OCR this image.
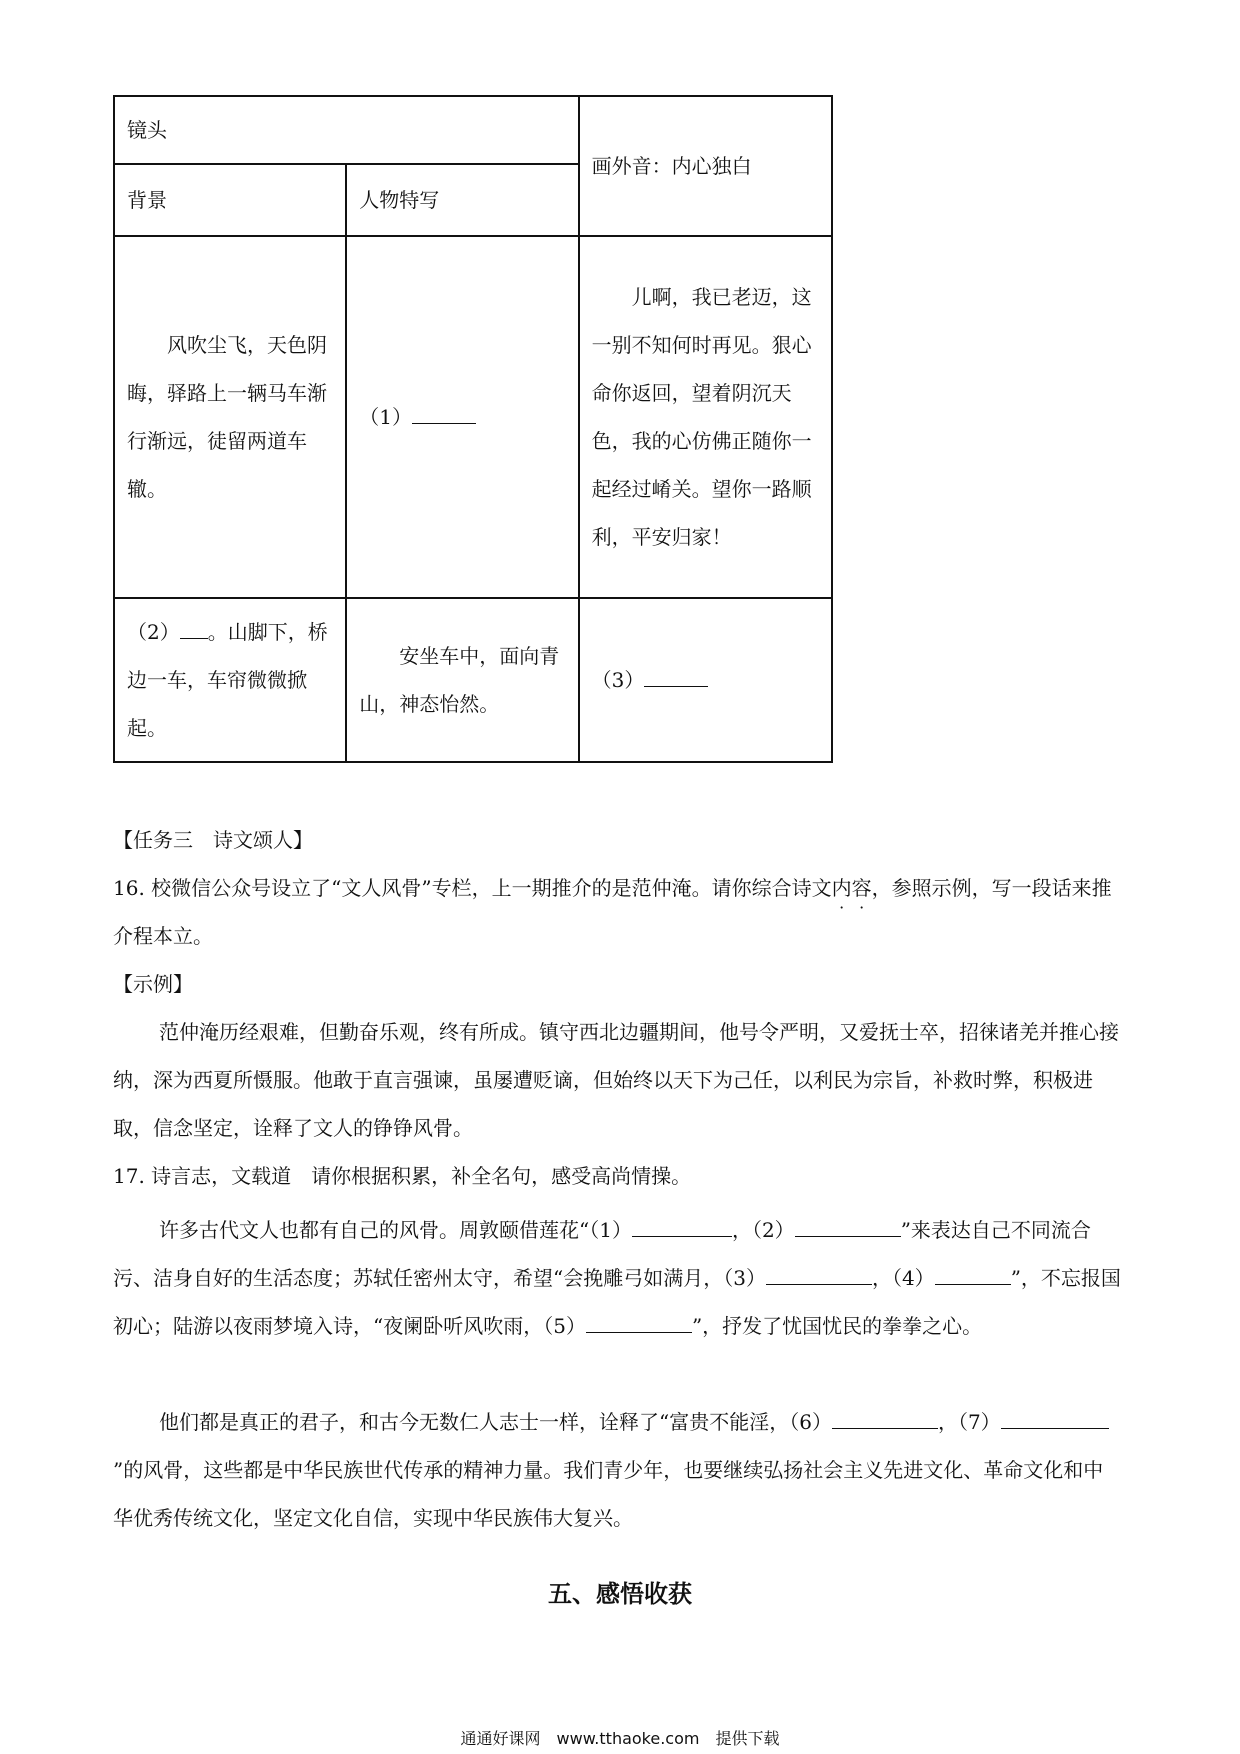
镜头		画外音：内心独白
背景	人物特写	
风吹尘飞，天色阴晦，驿路上一辆马车渐行渐远，徒留两道车辙。	（1）	儿啊，我已老迈，这一别不知何时再见。狠心命你返回，望着阴沉天色，我的心仿佛正随你一起经过崤关。望你一路顺利，平安归家！
（2） 。山脚下，桥边一车，车帘微微掀起。	安坐车中，面向青山，神态怡然。	（3）
【任务三　诗文颂人】
16. 校微信公众号设立了“文人风骨”专栏，上一期推介的是范仲淹。请你综合诗文内容，参照示例，写一段话来推介程本立。
【示例】
范仲淹历经艰难，但勤奋乐观，终有所成。镇守西北边疆期间，他号令严明，又爱抚士卒，招徕诸羌并推心接纳，深为西夏所慑服。他敢于直言强谏，虽屡遭贬谪，但始终以天下为己任，以利民为宗旨，补救时弊，积极进取，信念坚定，诠释了文人的铮铮风骨。
17. 诗言志，文载道　请你根据积累，补全名句，感受高尚情操。
许多古代文人也都有自己的风骨。周敦颐借莲花“（1）	，（2）	”来表达自己不同流合污、洁身自好的生活态度；苏轼任密州太守，希望“会挽雕弓如满月，（3）	，（4）	”，不忘报国初心；陆游以夜雨梦境入诗，“夜阑卧听风吹雨，（5）	”，抒发了忧国忧民的拳拳之心。
他们都是真正的君子，和古今无数仁人志士一样，诠释了“富贵不能淫，（6）	，（7）”的风骨，这些都是中华民族世代传承的精神力量。我们青少年，也要继续弘扬社会主义先进文化、革命文化和中华优秀传统文化，坚定文化自信，实现中华民族伟大复兴。
五、感悟收获
通通好课网　www.tthaoke.com　提供下载
